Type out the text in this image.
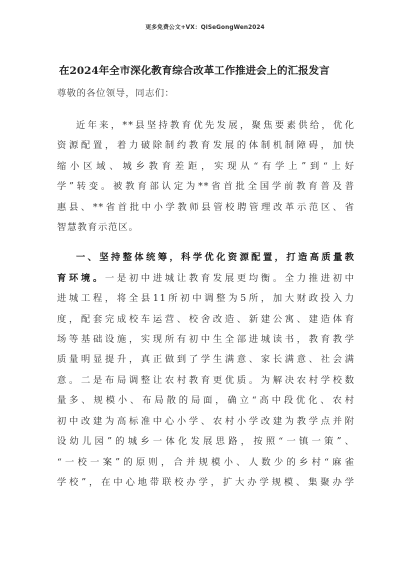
更多免费公文+VX：QiSeGongWen2024
在2024年全市深化教育综合改革工作推进会上的汇报发言
尊敬的各位领导，同志们：
近年来，**县坚持教育优先发展，聚焦要素供给，优化
资源配置，着力破除制约教育发展的体制机制障碍，加快
缩小区域、城乡教育差距，实现从“有学上”到“上好
学”转变。被教育部认定为**省首批全国学前教育普及普
惠县、**省首批中小学教师县管校聘管理改革示范区、省
智慧教育示范区。
一、坚持整体统筹，科学优化资源配置，打造高质量教
育环境。一是初中进城让教育发展更均衡。全力推进初中
进城工程，将全县11所初中调整为5所，加大财政投入力
度，配套完成校车运营、校舍改造、新建公寓、建造体育
场等基础设施，实现所有初中生全部进城读书，教育教学
质量明显提升，真正做到了学生满意、家长满意、社会满
意。二是布局调整让农村教育更优质。为解决农村学校数
量多、规模小、布局散的局面，确立“高中段优化、农村
初中改建为高标准中心小学、农村小学改建为教学点并附
设幼儿园”的城乡一体化发展思路，按照“一镇一策”、
“一校一案”的原则，合并规模小、人数少的乡村“麻雀
学校”，在中心地带联校办学，扩大办学规模、集聚办学
